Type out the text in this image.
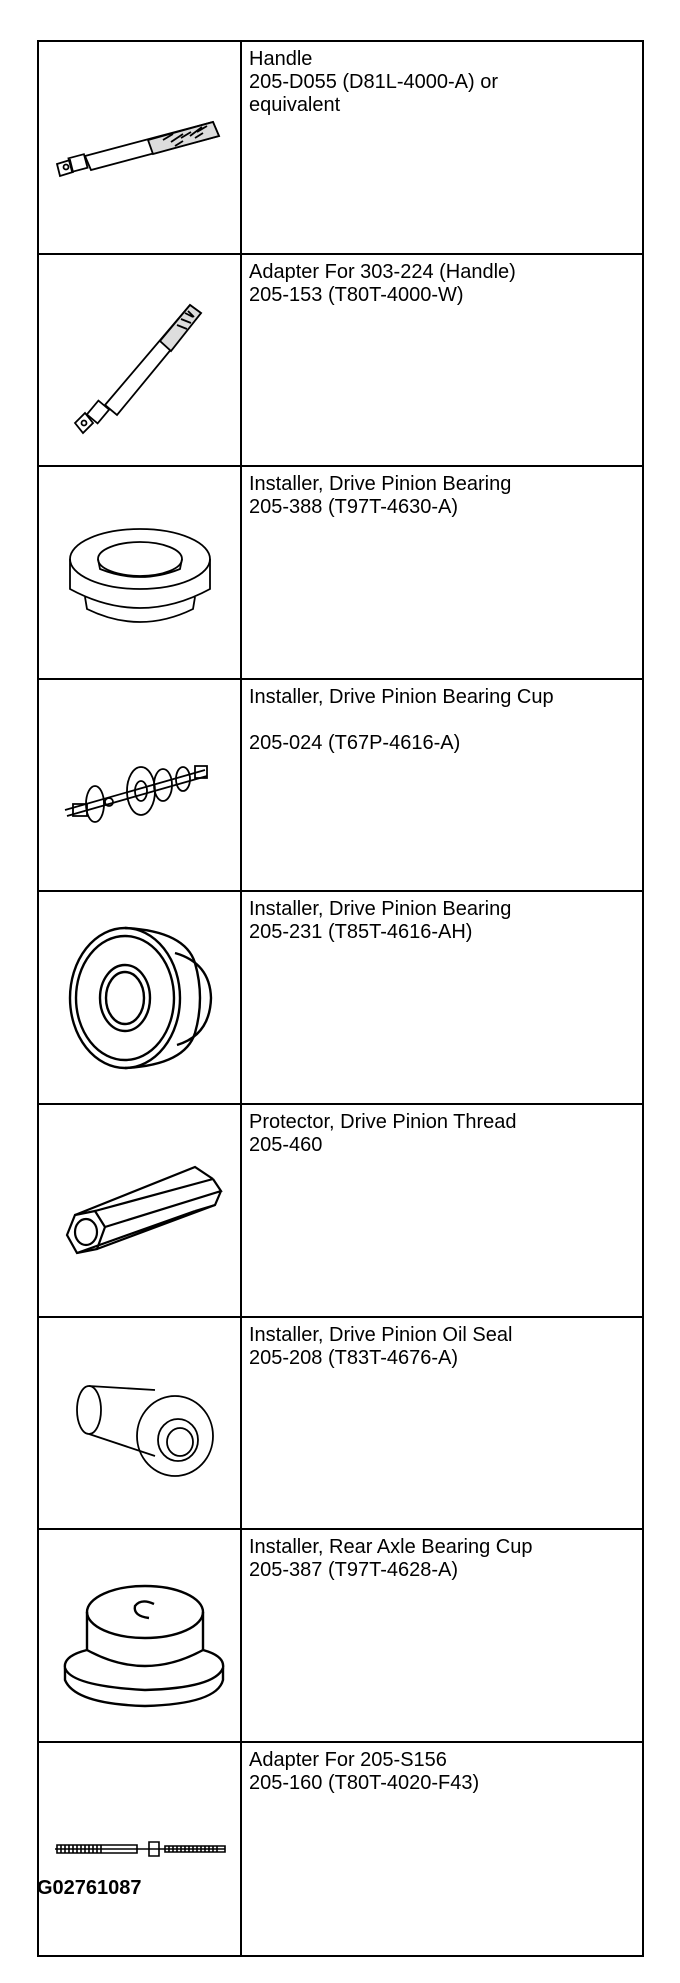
Handle
205-D055 (D81L-4000-A) or
equivalent
Adapter For 303-224 (Handle)
205-153 (T80T-4000-W)
Installer, Drive Pinion Bearing
205-388 (T97T-4630-A)
Installer, Drive Pinion Bearing Cup

205-024 (T67P-4616-A)
Installer, Drive Pinion Bearing
205-231 (T85T-4616-AH)
Protector, Drive Pinion Thread
205-460
Installer, Drive Pinion Oil Seal
205-208 (T83T-4676-A)
Installer, Rear Axle Bearing Cup
205-387 (T97T-4628-A)
Adapter For 205-S156
205-160 (T80T-4020-F43)
G02761087
